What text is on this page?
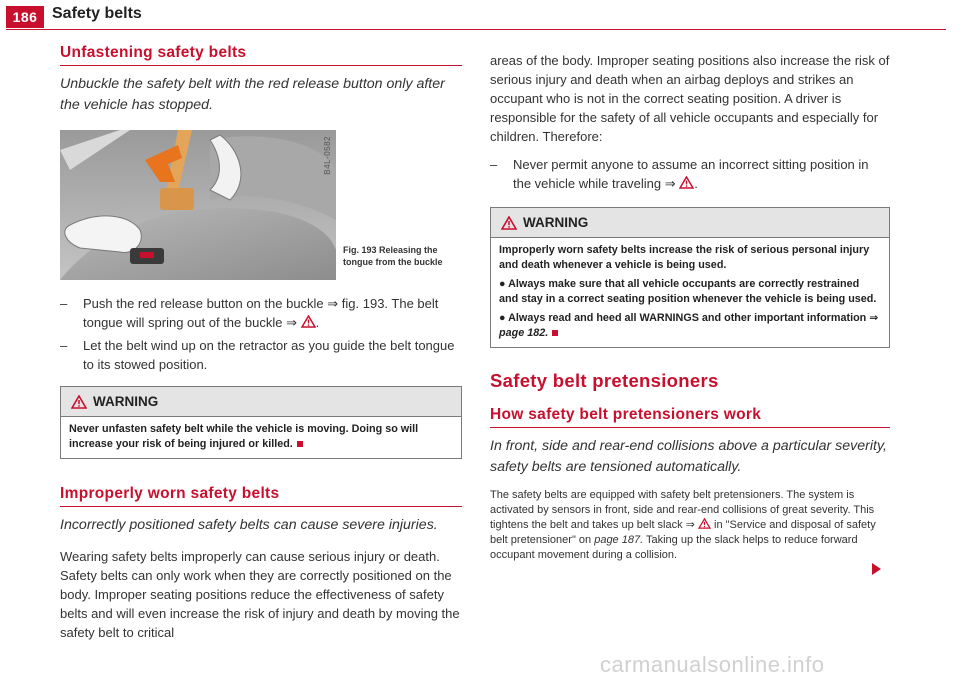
186 Safety belts
Unfastening safety belts

Unbuckle the safety belt with the red release button only after the vehicle has stopped.

B4L-0582
Fig. 193 Releasing the tongue from the buckle
– Push the red release button on the buckle ⇒ fig. 193. The belt tongue will spring out of the buckle ⇒ .
– Let the belt wind up on the retractor as you guide the belt tongue to its stowed position.
WARNING
Never unfasten safety belt while the vehicle is moving. Doing so will increase your risk of being injured or killed.
Improperly worn safety belts

Incorrectly positioned safety belts can cause severe injuries.

Wearing safety belts improperly can cause serious injury or death. Safety belts can only work when they are correctly positioned on the body. Improper seating positions reduce the effectiveness of safety belts and will even increase the risk of injury and death by moving the safety belt to critical

areas of the body. Improper seating positions also increase the risk of serious injury and death when an airbag deploys and strikes an occupant who is not in the correct seating position. A driver is responsible for the safety of all vehicle occupants and especially for children. Therefore:

– Never permit anyone to assume an incorrect sitting position in the vehicle while traveling ⇒ .
WARNING

Improperly worn safety belts increase the risk of serious personal injury and death whenever a vehicle is being used.

● Always make sure that all vehicle occupants are correctly restrained and stay in a correct seating position whenever the vehicle is being used.

● Always read and heed all WARNINGS and other important information ⇒ page 182.

Safety belt pretensioners
How safety belt pretensioners work

In front, side and rear-end collisions above a particular severity, safety belts are tensioned automatically.

The safety belts are equipped with safety belt pretensioners. The system is activated by sensors in front, side and rear-end collisions of great severity. This tightens the belt and takes up belt slack ⇒ in "Service and disposal of safety belt pretensioner" on page 187. Taking up the slack helps to reduce forward occupant movement during a collision.

carmanualsonline.info
